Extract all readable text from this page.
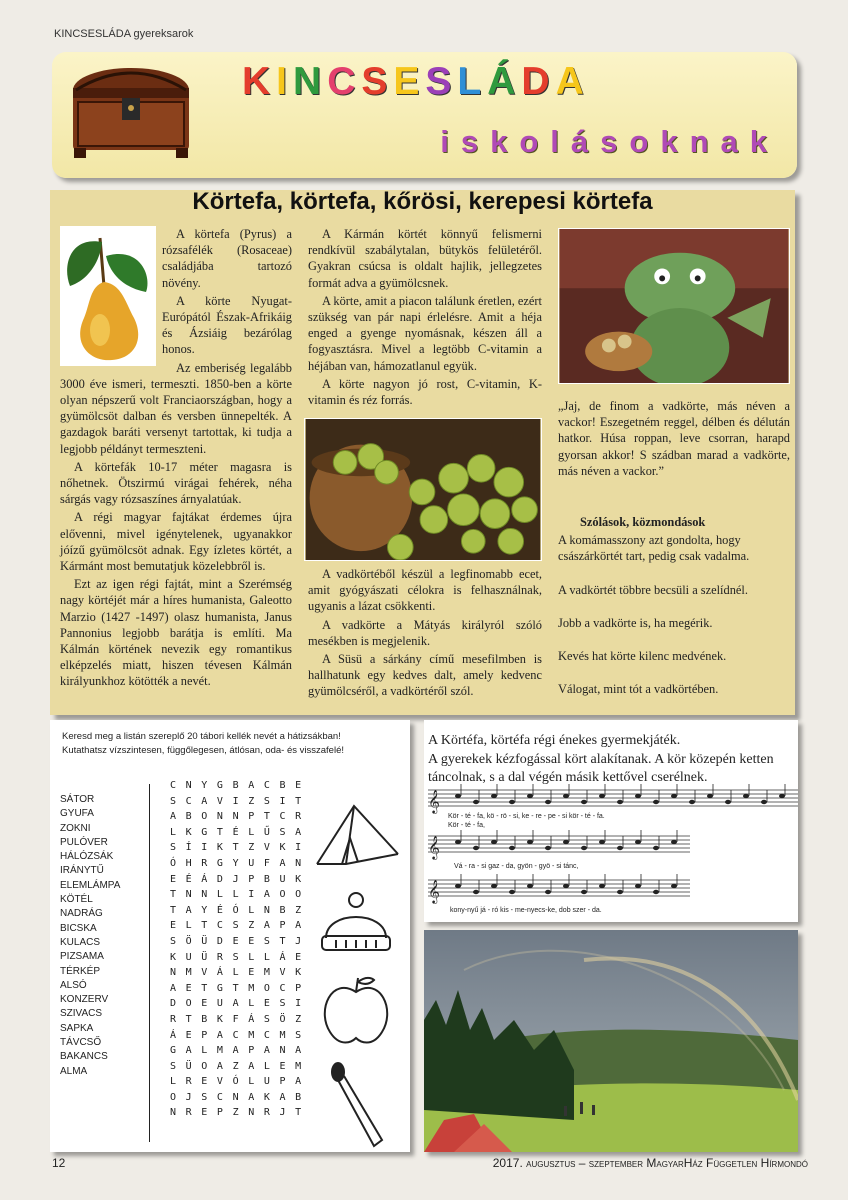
KINCSESLÁDA gyereksarok
KINCSESLÁDA
iskolásoknak
Körtefa, körtefa, kőrösi, kerepesi körtefa

A körtefa (Pyrus) a rózsafélék (Rosaceae) családjába tartozó növény.

A körte Nyugat-Európától Észak-Afrikáig és Ázsiáig bezárólag honos.

Az emberiség legalább 3000 éve ismeri, termeszti. 1850-ben a körte olyan népszerű volt Franciaországban, hogy a gyümölcsöt dalban és versben ünnepelték. A gazdagok baráti versenyt tartottak, ki tudja a legjobb példányt termeszteni.

A körtefák 10-17 méter magasra is nőhetnek. Ötszirmú virágai fehérek, néha sárgás vagy rózsaszínes árnyalatúak.

A régi magyar fajtákat érdemes újra elővenni, mivel igénytelenek, ugyanakkor jóízű gyümölcsöt adnak. Egy ízletes körtét, a Kármánt most bemutatjuk közelebbről is.

Ezt az igen régi fajtát, mint a Szerémség nagy körtéjét már a híres humanista, Galeotto Marzio (1427 -1497) olasz humanista, Janus Pannonius legjobb barátja is említi. Ma Kálmán körtének nevezik egy romantikus elképzelés miatt, hiszen tévesen Kálmán királyunkhoz kötötték a nevét.

A Kármán körtét könnyű felismerni rendkívül szabálytalan, bütykös felületéről. Gyakran csúcsa is oldalt hajlik, jellegzetes formát adva a gyümölcsnek.

A körte, amit a piacon találunk éretlen, ezért szükség van pár napi érlelésre. Amit a héja enged a gyenge nyomásnak, készen áll a fogyasztásra. Mivel a legtöbb C-vitamin a héjában van, hámozatlanul együk.

A körte nagyon jó rost, C-vitamin, K-vitamin és réz forrás.

A vadkörtéből készül a legfinomabb ecet, amit gyógyászati célokra is felhasználnak, ugyanis a lázat csökkenti.

A vadkörte a Mátyás királyról szóló mesékben is megjelenik.

A Süsü a sárkány című mesefilmben is hallhatunk egy kedves dalt, amely kedvenc gyümölcséről, a vadkörtéről szól.

„Jaj, de finom a vadkörte, más néven a vackor! Eszegetném reggel, délben és délután hatkor. Húsa roppan, leve csorran, harapd gyorsan akkor! S szádban marad a vadkörte, más néven a vackor.”
Szólások, közmondások

A komámasszony azt gondolta, hogy császárkörtét tart, pedig csak vadalma.

A vadkörtét többre becsüli a szelídnél.

Jobb a vadkörte is, ha megérik.

Kevés hat körte kilenc medvének.

Válogat, mint tót a vadkörtében.

Keresd meg a listán szereplő 20 tábori kellék nevét a hátizsákban!
Kutathatsz vízszintesen, függőlegesen, átlósan, oda- és visszafelé!
SÁTOR
GYUFA
ZOKNI
PULÓVER
HÁLÓZSÁK
IRÁNYTŰ
ELEMLÁMPA
KÖTÉL
NADRÁG
BICSKA
KULACS
PIZSAMA
TÉRKÉP
ALSÓ
KONZERV
SZIVACS
SAPKA
TÁVCSŐ
BAKANCS
ALMA
C N Y G B A C B E
S C A V I Z S I T
A B O N N P T C R
L K G T É L Ű S A
S Í I K T Z V K I
Ó H R G Y U F A N
E É Á D J P B U K
T N N L L I A O O
T A Y É Ó L N B Z
E L T C S Z A P A
S Ö Ü D E E S T J
K U Ü R S L L Á E
N M V Á L E M V K
A E T G T M O C P
D O E U A L E S I
R T B K F Á S Ö Z
Á E P A C M C M S
G A L M A P A N A
S Ü O A Z A L E M
L R E V Ó L U P A
O J S C N A K A B
N R E P Z N R J T
A Körtéfa, körtéfa régi énekes gyermekjáték.
A gyerekek kézfogással kört alakítanak. A kör közepén ketten
táncolnak, s a dal végén másik kettővel cserélnek.
𝄞
𝄞
𝄞
Kör - té - fa, kö - rö - si, ke - re - pe - si kör - té - fa.
Kör - té - fa,
Vá - ra - si gaz - da, gyön - gyö - si tánc,
kony-nyű já - ró kis - me-nyecs-ke, dob szer - da.
12	2017. augusztus – szeptember MagyarHáz Független Hírmondó
